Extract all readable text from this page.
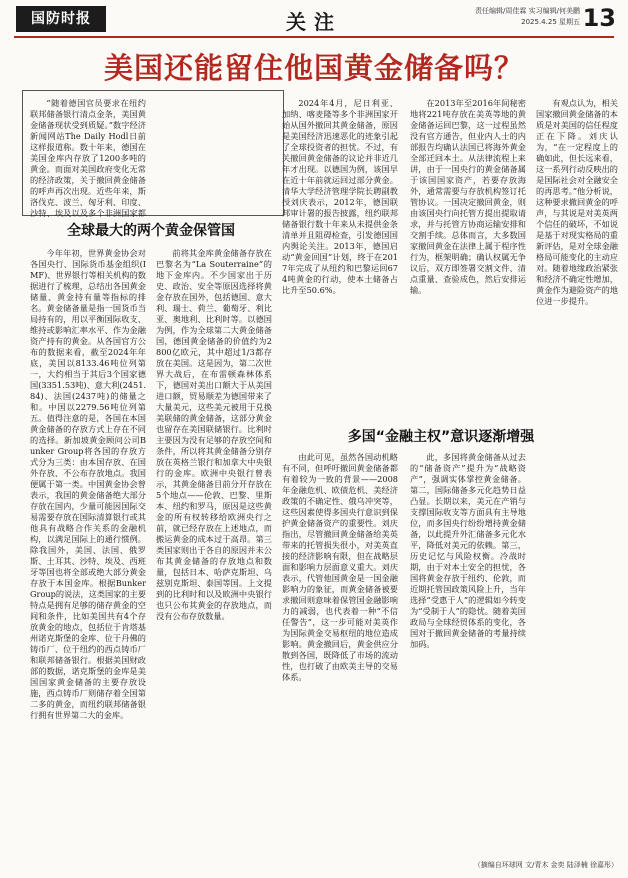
国防时报	关注	责任编辑/周佳霖 实习编辑/何美鹏
2025.4.25 星期五 13
美国还能留住他国黄金储备吗？

“随着德国官员要求在纽约联邦储备银行清点金条，美国黄金储备现状受到质疑。”数字经济新闻网站The Daily Hodl日前这样报道称。数十年来，德国在美国金库内存放了1200多吨的黄金。而面对美国政府变化无常的经济政策，关于撤回黄金储备的呼声再次出现。近些年来，斯洛伐克、波兰、匈牙利、印度、沙特、埃及以及多个非洲国家都

全球最大的两个黄金保管国

今年年初，世界黄金协会对各国央行、国际货币基金组织(IMF)、世界银行等相关机构的数据进行了梳理，总结出各国黄金储量、黄金持有量等指标的排名。黄金储备量是指一国货币当局持有的，用以平衡国际收支、维持或影响汇率水平、作为金融资产持有的黄金。从各国官方公布的数据来看，截至2024年年底，美国以8133.46吨位列第一，大约相当于其后3个国家德国(3351.53吨)、意大利(2451.84)、法国(2437吨)的储量之和。中国以2279.56吨位列第五。值得注意的是，各国在本国黄金储备的存放方式上存在不同的选择。新加坡黄金顾问公司Bunker Group将各国的存放方式分为三类：由本国存放、在国外存放、不公布存放地点。我国便属于第一类。中国黄金协会曾表示，我国的黄金储备绝大部分存放在国内，少量可能因国际交易需要存放在国际清算银行或其他具有战略合作关系的金融机构，以满足国际上的通行惯例。除我国外，美国、法国、俄罗斯、土耳其、沙特、埃及、西班牙等国也将全部或绝大部分黄金存放于本国金库。根据Bunker Group的说法，这类国家的主要特点是拥有足够的储存黄金的空间和条件，比如美国共有4个存放黄金的地点，包括位于肯塔基州诺克斯堡的金库、位于丹佛的铸币厂、位于纽约的西点铸币厂和联邦储备银行。根据美国财政部的数据，诺克斯堡的金库是美国国家黄金储备的主要存放设施，西点铸币厂则储存着全国第二多的黄金，而纽约联邦储备银行拥有世界第二大的金库。

前将其金库黄金储备存放在巴黎名为“La Souterraine”的地下金库内。不少国家出于历史、政治、安全等原因选择将黄金存放在国外，包括德国、意大利、瑞士、荷兰、葡萄牙、利比亚、奥地利、比利时等。以德国为例，作为全球第二大黄金储备国，德国黄金储备的价值约为2800亿欧元，其中超过1/3都存放在美国。这是因为，第二次世界大战后，在布雷顿森林体系下，德国对美出口额大于从美国进口额，贸易顺差为德国带来了大量美元，这些美元被用于兑换美联储的黄金储备，这部分黄金也留存在美国联储银行。比利时主要因为没有足够的存放空间和条件，所以将其黄金储备分别存放在英格兰银行和加拿大中央银行的金库。欧洲中央银行曾表示，其黄金储备目前分开存放在5个地点——伦敦、巴黎、里斯本、纽约和罗马，原因是这些黄金的所有权转移给欧洲央行之前，就已经存放在上述地点，而搬运黄金的成本过于高昂。第三类国家则出于各自的原因并未公布其黄金储备的存放地点和数量，包括日本、哈萨克斯坦、乌兹别克斯坦、泰国等国。上文提到的比利时和以及欧洲中央银行也只公布其黄金的存放地点，而没有公布存放数量。

2024年4月，尼日利亚、加纳、喀麦隆等多个非洲国家开始从国外撤回其黄金储备，原因是美国经济迅速恶化的迹象引起了全球投资者的担忧。不过，有关撤回黄金储备的议论并非近几年才出现。以德国为例，该国早在近十年前就运回过部分黄金。清华大学经济管理学院长聘副教授刘庆表示，2012年，德国联邦审计署的报告披露，纽约联邦储备银行数十年来从未提供金条清单并且阻碍检查，引发德国国内舆论关注。2013年，德国启动“黄金回国”计划，终于在2017年完成了从纽约和巴黎运回674吨黄金的行动，使本土储备占比升至50.6%。

在2013年至2016年间秘密地将221吨存放在美英等地的黄金储备运回巴黎，这一过程虽然没有官方通告，但业内人士的内部报告均确认法国已将海外黄金全部迁回本土。从法律流程上来讲，由于一国央行的黄金储备属于该国国家资产，若要存放海外，通常需要与存放机构签订托管协议。一国决定撤回黄金，则由该国央行向托管方提出提取请求，并与托管方协商运输安排和交割手续。总体而言，大多数国家撤回黄金在法律上属于程序性行为，框架明确；确认权属无争议后，双方即签署交割文件、清点重量、查验成色，然后安排运输。

多国“金融主权”意识逐渐增强

由此可见，虽然各国动机略有不同，但呼吁撤回黄金储备都有着较为一致的背景——2008年金融危机、欧债危机、美经济政策的不确定性、俄乌冲突等，这些因素使得多国央行意识到保护黄金储备资产的重要性。刘庆指出，尽管撤回黄金储备给美英带来的托管损失很小，对美英直接的经济影响有限，但在战略层面和影响力层面意义重大。刘庆表示，代管他国黄金是一国金融影响力的象征，而黄金储备被要求撤回则意味着保管国金融影响力的减弱，也代表着一种“不信任警告”，这一步可能对美英作为国际黄金交易枢纽的地位造成影响。黄金撤回后，黄金供应分散到各国，既降低了市场的流动性，也打破了由欧美主导的交易体系。

此，多国将黄金储备从过去的“储备资产”提升为“战略资产”，强调实体掌控黄金储备。第二，国际储备多元化趋势日益凸显。长期以来，美元在产销与支撑国际收支等方面具有主导地位，而多国央行纷纷增持黄金储备，以此提升外汇储备多元化水平，降低对美元的依赖。第三，历史记忆与风险权衡。冷战时期，由于对本土安全的担忧，各国将黄金存放于纽约、伦敦，而近期托管国政策风险上升，当年选择“受惠于人”的逻辑如今转变为“受制于人”的隐忧。随着美国政局与全球经贸体系的变化，各国对于撤回黄金储备的考量持续加码。

有观点认为，相关国家撤回黄金储备的本质是对美国的信任程度正在下降。刘庆认为，“在一定程度上的确如此，但长远来看，这一系列行动反映出的是国际社会对全融安全的再思考。”他分析说，这种要求撤回黄金的呼声，与其说是对美英两个信任的破坏，不如说是基于对现实格局的重新评估，是对全球金融格局可能变化的主动应对。随着地缘政治紧张和经济不确定性增加，黄金作为避险资产的地位进一步提升。

（摘编自环球网 文/青木 金奕 陆泽楠 徐嘉彤）
